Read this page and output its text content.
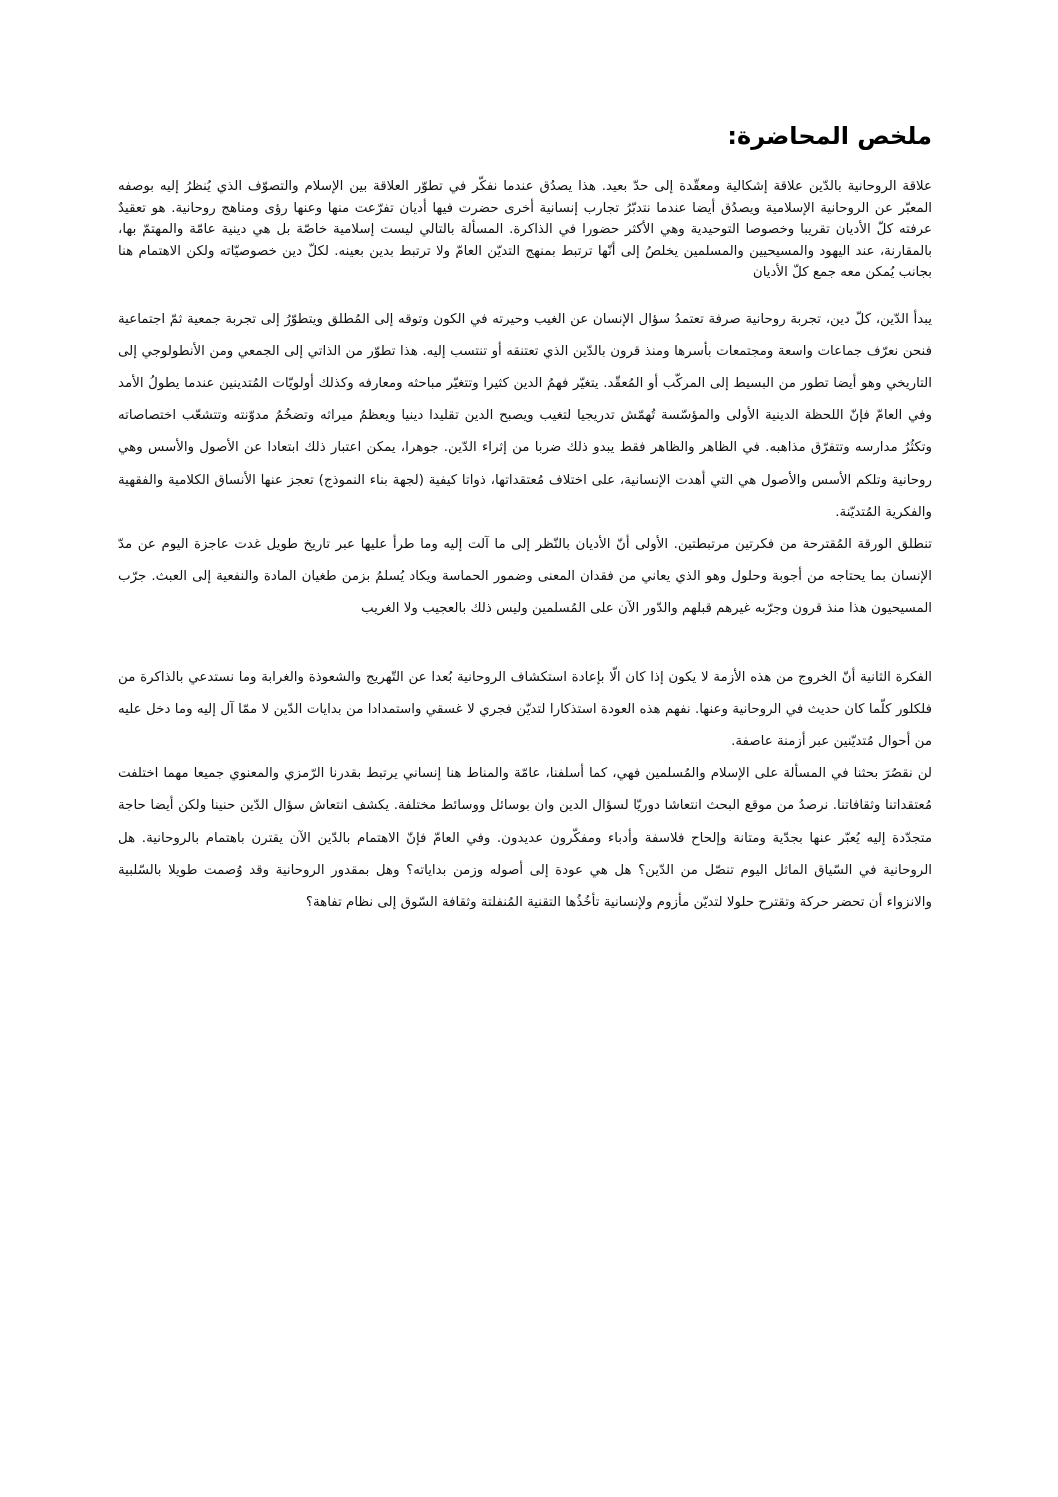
ملخص المحاضرة:

علاقة الروحانية بالدّين علاقة إشكالية ومعقّدة إلى حدّ بعيد. هذا يصدُق عندما نفكّر في تطوّر العلاقة بين الإسلام والتصوّف الذي يُنظرُ إليه بوصفه المعبّر عن الروحانية الإسلامية ويصدُق أيضا عندما نتدبّرُ تجارب إنسانية أخرى حضرت فيها أديان تفرّعت منها وعنها رؤى ومناهج روحانية. هو تعقيدٌ عرفته كلّ الأديان تقريبا وخصوصا التوحيدية وهي الأكثر حضورا في الذاكرة. المسألة بالتالي ليست إسلامية خاصّة بل هي دينية عامّة والمهتمّ بها، بالمقارنة، عند اليهود والمسيحيين والمسلمين يخلصُ إلى أنّها ترتبط بمنهج التديّن العامّ ولا ترتبط بدين بعينه. لكلّ دين خصوصيّاته ولكن الاهتمام هنا بجانب يُمكن معه جمع كلّ الأديان

يبدأ الدّين، كلّ دين، تجربة روحانية صرفة تعتمدُ سؤال الإنسان عن الغيب وحيرته في الكون وتوقه إلى المُطلق ويتطوّرُ إلى تجربة جمعية ثمّ اجتماعية فنحن نعرّف جماعات واسعة ومجتمعات بأسرها ومنذ قرون بالدّين الذي تعتنقه أو تنتسب إليه. هذا تطوّر من الذاتي إلى الجمعي ومن الأنطولوجي إلى التاريخي وهو أيضا تطور من البسيط إلى المركّب أو المُعقّد. يتغيّر فهمُ الدين كثيرا وتتغيّر مباحثه ومعارفه وكذلك أولويّات المُتدينين عندما يطولُ الأمد وفي العامّ فإنّ اللحظة الدينية الأولى والمؤسّسة تُهمّش تدريجيا لتغيب ويصبح الدين تقليدا دينيا ويعظمُ ميراثه وتضخُمُ مدوّنته وتتشعّب اختصاصاته وتكثُرُ مدارسه وتتفرّق مذاهبه. في الظاهر والظاهر فقط يبدو ذلك ضربا من إثراء الدّين. جوهرا، يمكن اعتبار ذلك ابتعادا عن الأصول والأسس وهي روحانية وتلكم الأسس والأصول هي التي أهدت الإنسانية، على اختلاف مُعتقداتها، ذواتا كيفية (لجهة بناء النموذج) تعجز عنها الأنساق الكلامية والفقهية والفكرية المُتديّنة.

تنطلق الورقة المُقترحة من فكرتين مرتبطتين. الأولى أنّ الأديان بالنّظر إلى ما آلت إليه وما طرأ عليها عبر تاريخ طويل غدت عاجزة اليوم عن مدّ الإنسان بما يحتاجه من أجوبة وحلول وهو الذي يعاني من فقدان المعنى وضمور الحماسة ويكاد يُسلمُ بزمن طغيان المادة والنفعية إلى العبث. جرّب المسيحيون هذا منذ قرون وجرّبه غيرهم قبلهم والدّور الآن على المُسلمين وليس ذلك بالعجيب ولا الغريب

الفكرة الثانية أنّ الخروج من هذه الأزمة لا يكون إذا كان الّا بإعادة استكشاف الروحانية بُعدا عن التّهريج والشعوذة والغرابة وما نستدعي بالذاكرة من فلكلور كلّما كان حديث في الروحانية وعنها. نفهم هذه العودة استذكارا لتديّن فجري لا غسقي واستمدادا من بدايات الدّين لا ممّا آل إليه وما دخل عليه من أحوال مُتديّنين عبر أزمنة عاصفة.

لن نقصُرَ بحثنا في المسألة على الإسلام والمُسلمين فهي، كما أسلفنا، عامّة والمناط هنا إنساني يرتبط بقدرنا الرّمزي والمعنوي جميعا مهما اختلفت مُعتقداتنا وثقافاتنا. نرصدُ من موقع البحث انتعاشا دوريّا لسؤال الدين وان بوسائل ووسائط مختلفة. يكشف انتعاش سؤال الدّين حنينا ولكن أيضا حاجة متجدّدة إليه يُعبّر عنها بجدّية ومتانة وإلحاح فلاسفة وأدباء ومفكّرون عديدون. وفي العامّ فإنّ الاهتمام بالدّين الآن يقترن باهتمام بالروحانية. هل الروحانية في السّياق الماثل اليوم تنصّل من الدّين؟ هل هي عودة إلى أصوله وزمن بداياته؟ وهل بمقدور الروحانية وقد وُصمت طويلا بالسّلبية والانزواء أن تحضر حركة وتقترح حلولا لتديّن مأزوم ولإنسانية تأخُذُها التقنية المُنفلتة وثقافة السّوق إلى نظام تفاهة؟
